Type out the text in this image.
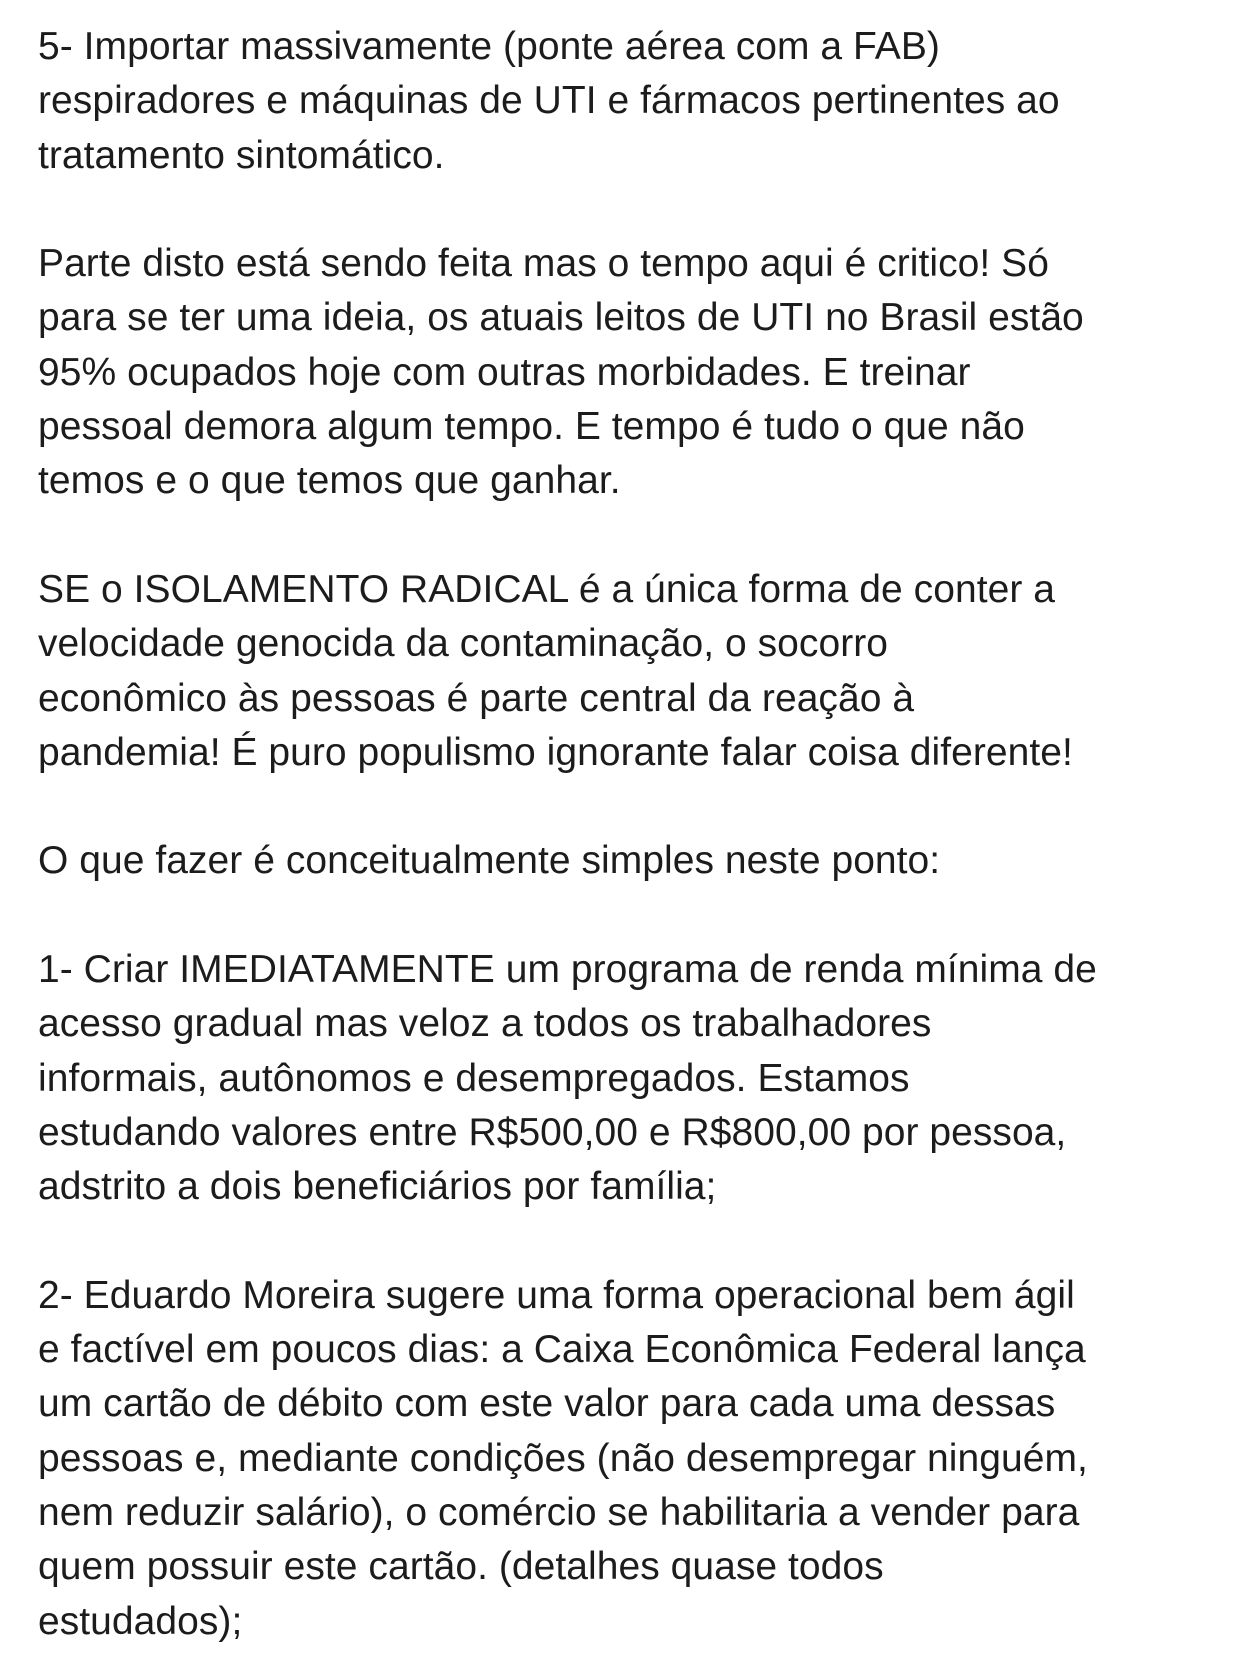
5- Importar massivamente (ponte aérea com a FAB)
respiradores e máquinas de UTI e fármacos pertinentes ao
tratamento sintomático.
Parte disto está sendo feita mas o tempo aqui é critico! Só
para se ter uma ideia, os atuais leitos de UTI no Brasil estão
95% ocupados hoje com outras morbidades. E treinar
pessoal demora algum tempo. E tempo é tudo o que não
temos e o que temos que ganhar.
SE o ISOLAMENTO RADICAL é a única forma de conter a
velocidade genocida da contaminação, o socorro
econômico às pessoas é parte central da reação à
pandemia! É puro populismo ignorante falar coisa diferente!
O que fazer é conceitualmente simples neste ponto:
1- Criar IMEDIATAMENTE um programa de renda mínima de
acesso gradual mas veloz a todos os trabalhadores
informais, autônomos e desempregados. Estamos
estudando valores entre R$500,00 e R$800,00 por pessoa,
adstrito a dois beneficiários por família;
2- Eduardo Moreira sugere uma forma operacional bem ágil
e factível em poucos dias: a Caixa Econômica Federal lança
um cartão de débito com este valor para cada uma dessas
pessoas e, mediante condições (não desempregar ninguém,
nem reduzir salário), o comércio se habilitaria a vender para
quem possuir este cartão. (detalhes quase todos
estudados);
